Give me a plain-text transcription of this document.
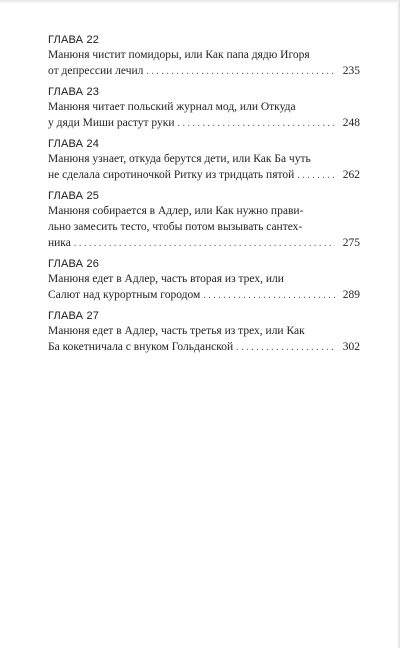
ГЛАВА 22
Манюня чистит помидоры, или Как папа дядю Игоря
от депрессии лечил . . .	235
ГЛАВА 23
Манюня читает польский журнал мод, или Откуда
у дяди Миши растут руки . . .	248
ГЛАВА 24
Манюня узнает, откуда берутся дети, или Как Ба чуть
не сделала сиротиночкой Ритку из тридцать пятой . . .	262
ГЛАВА 25
Манюня собирается в Адлер, или Как нужно прави-
льно замесить тесто, чтобы потом вызывать сантех-
ника . . .	275
ГЛАВА 26
Манюня едет в Адлер, часть вторая из трех, или
Салют над курортным городом . . .	289
ГЛАВА 27
Манюня едет в Адлер, часть третья из трех, или Как
Ба кокетничала с внуком Гольданской . . .	302
